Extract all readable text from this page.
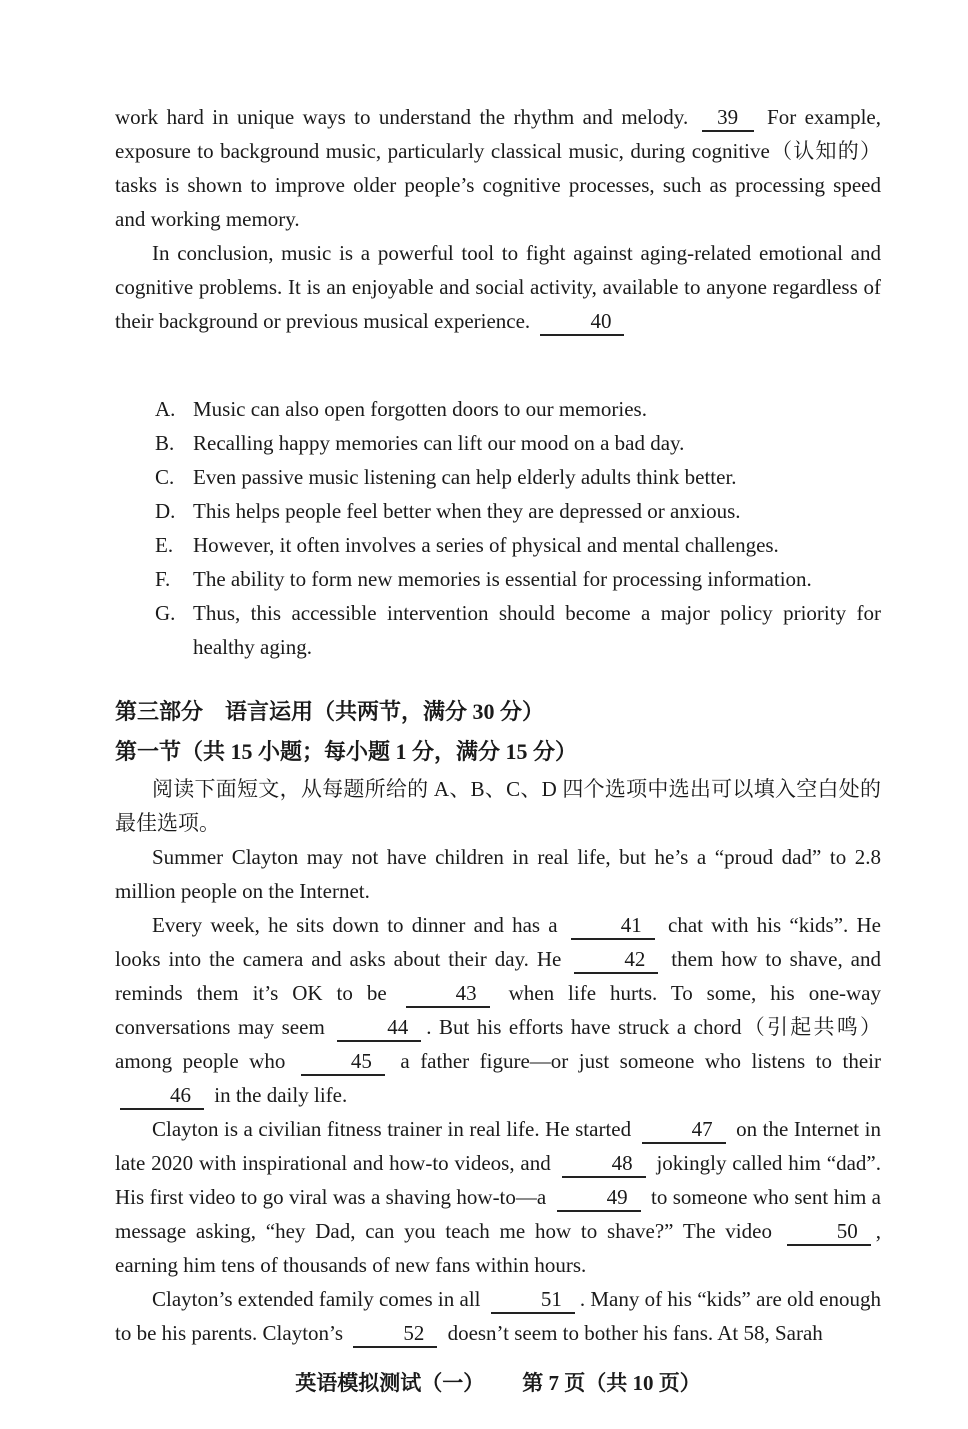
work hard in unique ways to understand the rhythm and melody. 39 For example, exposure to background music, particularly classical music, during cognitive（认知的）tasks is shown to improve older people’s cognitive processes, such as processing speed and working memory.

In conclusion, music is a powerful tool to fight against aging-related emotional and cognitive problems. It is an enjoyable and social activity, available to anyone regardless of their background or previous musical experience.	40

A. Music can also open forgotten doors to our memories.
B. Recalling happy memories can lift our mood on a bad day.
C. Even passive music listening can help elderly adults think better.
D. This helps people feel better when they are depressed or anxious.
E. However, it often involves a series of physical and mental challenges.
F.	The ability to form new memories is essential for processing information.
G. Thus, this accessible intervention should become a major policy priority for healthy aging.
第三部分　语言运用（共两节，满分 30 分）
第一节（共 15 小题；每小题 1 分，满分 15 分）

阅读下面短文，从每题所给的 A、B、C、D 四个选项中选出可以填入空白处的最佳选项。

Summer Clayton may not have children in real life, but he’s a “proud dad” to 2.8 million people on the Internet.

Every week, he sits down to dinner and has a	41 chat with his “kids”. He looks into the camera and asks about their day. He	42 them how to shave, and reminds them it’s OK to be	43 when life hurts. To some, his one-way conversations may seem	44 . But his efforts have struck a chord（引起共鸣）among people who	45 a father figure—or just someone who listens to their 46 in the daily life.

Clayton is a civilian fitness trainer in real life. He started	47 on the Internet in late 2020 with inspirational and how-to videos, and	48 jokingly called him “dad”. His first video to go viral was a shaving how-to—a	49 to someone who sent him a message asking, “hey Dad, can you teach me how to shave?” The video	50 , earning him tens of thousands of new fans within hours.

Clayton’s extended family comes in all	51 . Many of his “kids” are old enough to be his parents. Clayton’s	52 doesn’t seem to bother his fans. At 58, Sarah

英语模拟测试（一） 第 7 页（共 10 页）
